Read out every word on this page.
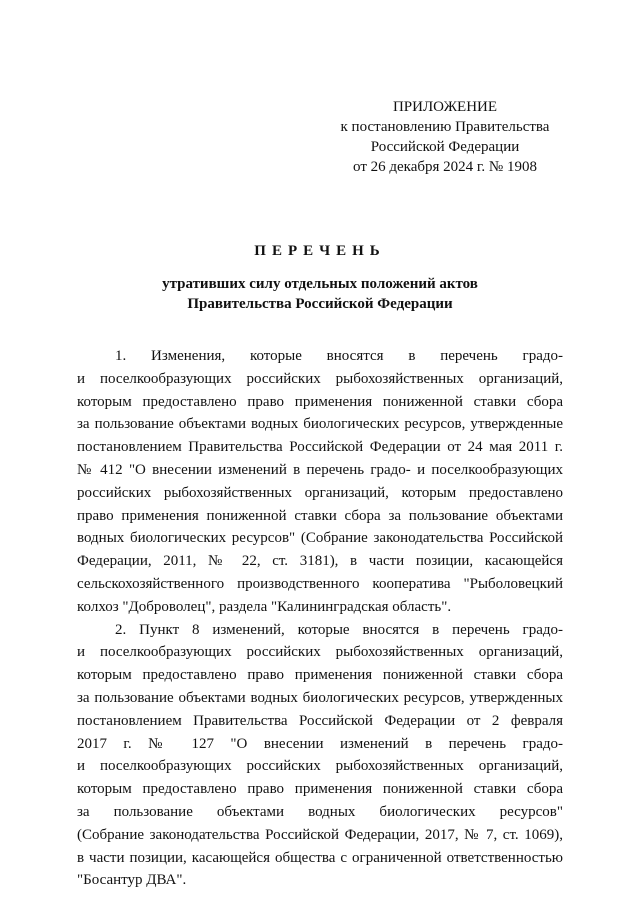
ПРИЛОЖЕНИЕ
к постановлению Правительства
Российской Федерации
от 26 декабря 2024 г. № 1908
ПЕРЕЧЕНЬ
утративших силу отдельных положений актов
Правительства Российской Федерации
1. Изменения, которые вносятся в перечень градо-
и поселкообразующих российских рыбохозяйственных организаций,
которым предоставлено право применения пониженной ставки сбора
за пользование объектами водных биологических ресурсов, утвержденные
постановлением Правительства Российской Федерации от 24 мая 2011 г.
№ 412 "О внесении изменений в перечень градо- и поселкообразующих
российских рыбохозяйственных организаций, которым предоставлено
право применения пониженной ставки сбора за пользование объектами
водных биологических ресурсов" (Собрание законодательства Российской
Федерации, 2011, № 22, ст. 3181), в части позиции, касающейся
сельскохозяйственного производственного кооператива "Рыболовецкий
колхоз "Доброволец", раздела "Калининградская область".
2. Пункт 8 изменений, которые вносятся в перечень градо-
и поселкообразующих российских рыбохозяйственных организаций,
которым предоставлено право применения пониженной ставки сбора
за пользование объектами водных биологических ресурсов, утвержденных
постановлением Правительства Российской Федерации от 2 февраля
2017 г. № 127 "О внесении изменений в перечень градо-
и поселкообразующих российских рыбохозяйственных организаций,
которым предоставлено право применения пониженной ставки сбора
за пользование объектами водных биологических ресурсов"
(Собрание законодательства Российской Федерации, 2017, № 7, ст. 1069),
в части позиции, касающейся общества с ограниченной ответственностью
"Босантур ДВА".
